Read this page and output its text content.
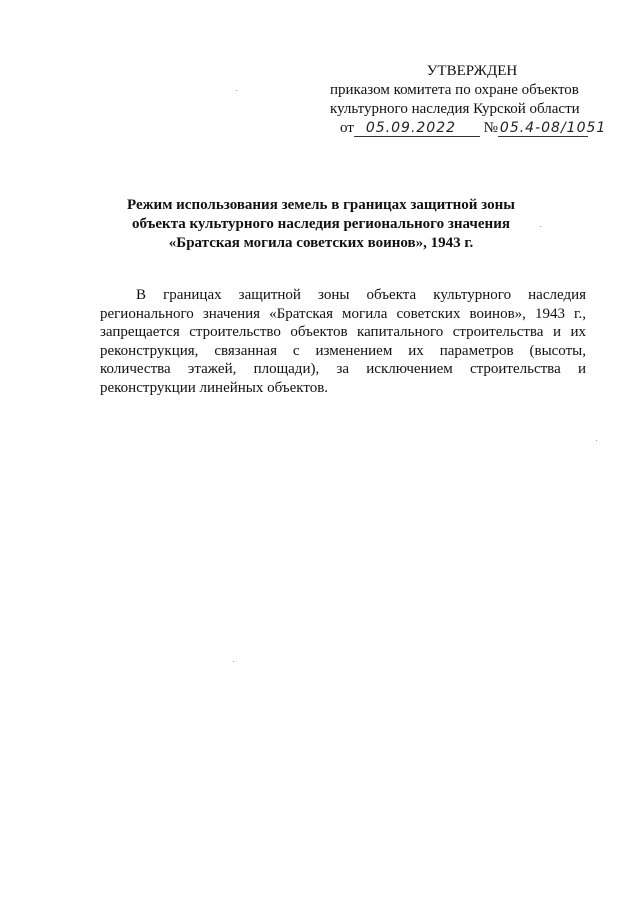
УТВЕРЖДЕН
приказом комитета по охране объектов
культурного наследия Курской области
от 05.09.2022 № 05.4-08/1051
Режим использования земель в границах защитной зоны
объекта культурного наследия регионального значения
«Братская могила советских воинов», 1943 г.

В границах защитной зоны объекта культурного наследия регионального значения «Братская могила советских воинов», 1943 г., запрещается строительство объектов капитального строительства и их реконструкция, связанная с изменением их параметров (высоты, количества этажей, площади), за исключением строительства и реконструкции линейных объектов.
